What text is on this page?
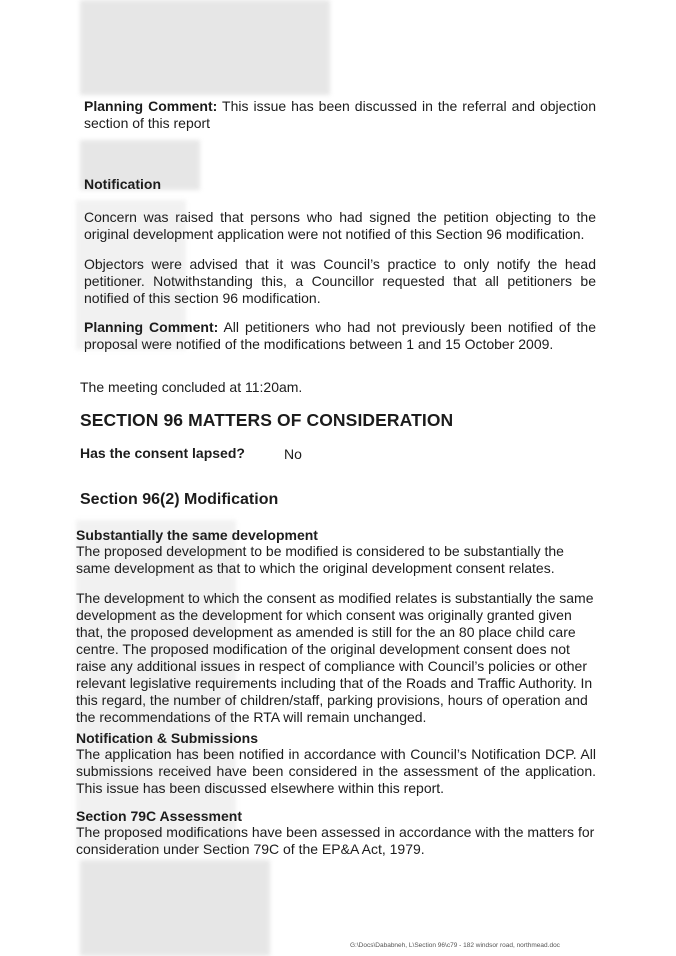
Planning Comment: This issue has been discussed in the referral and objection section of this report
Notification
Concern was raised that persons who had signed the petition objecting to the original development application were not notified of this Section 96 modification.
Objectors were advised that it was Council’s practice to only notify the head petitioner. Notwithstanding this, a Councillor requested that all petitioners be notified of this section 96 modification.
Planning Comment: All petitioners who had not previously been notified of the proposal were notified of the modifications between 1 and 15 October 2009.
The meeting concluded at 11:20am.
SECTION 96 MATTERS OF CONSIDERATION
Has the consent lapsed?	No
Section 96(2) Modification
Substantially the same development
The proposed development to be modified is considered to be substantially the same development as that to which the original development consent relates.
The development to which the consent as modified relates is substantially the same development as the development for which consent was originally granted given that, the proposed development as amended is still for the an 80 place child care centre. The proposed modification of the original development consent does not raise any additional issues in respect of compliance with Council’s policies or other relevant legislative requirements including that of the Roads and Traffic Authority. In this regard, the number of children/staff, parking provisions, hours of operation and the recommendations of the RTA will remain unchanged.
Notification & Submissions
The application has been notified in accordance with Council’s Notification DCP. All submissions received have been considered in the assessment of the application. This issue has been discussed elsewhere within this report.
Section 79C Assessment
The proposed modifications have been assessed in accordance with the matters for consideration under Section 79C of the EP&A Act, 1979.
G:\Docs\Dababneh, L\Section 96\c79 - 182 windsor road, northmead.doc
